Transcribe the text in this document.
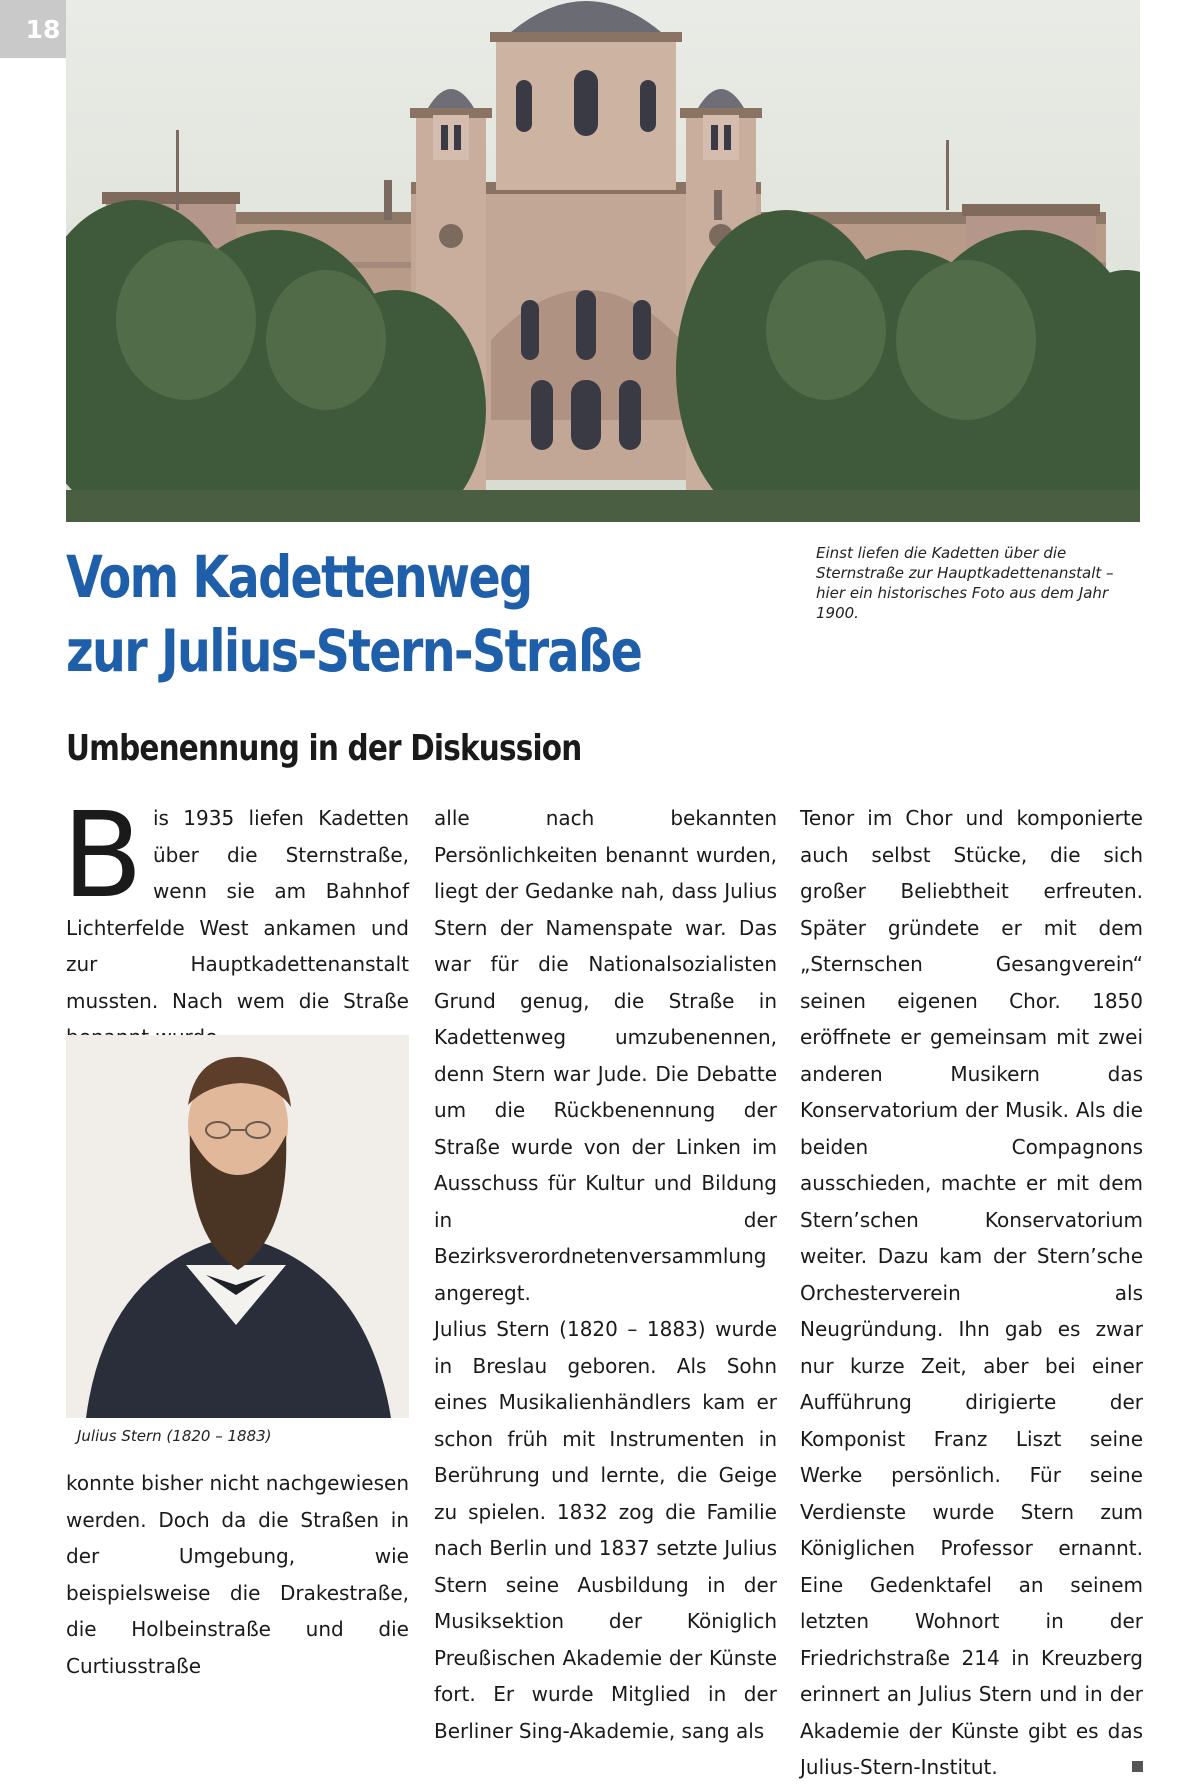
18
Vom Kadettenweg
zur Julius-Stern-Straße
Einst liefen die Kadetten über die Sternstraße zur Hauptkadettenanstalt – hier ein historisches Foto aus dem Jahr 1900.
Umbenennung in der Diskussion
B is 1935 liefen Kadetten über die Sternstraße, wenn sie am Bahnhof Lichterfelde West ankamen und zur Hauptkadettenanstalt mussten. Nach wem die Straße

Julius Stern (1820 – 1883)

konnte bisher nicht nachgewiesen werden. Doch da die Straßen in der Umgebung, wie beispielsweise die Drakestraße, die Holbeinstraße und die Curtiusstraße

alle nach bekannten Persönlichkeiten benannt wurden, liegt der Gedanke nah, dass Julius Stern der Namenspate war. Das war für die Nationalsozialisten Grund genug, die Straße in Kadettenweg umzubenennen, denn Stern war Jude. Die Debatte um die Rückbenennung der Straße wurde von der Linken im Ausschuss für Kultur und Bildung in der Bezirksverordnetenversammlung angeregt.

Julius Stern (1820 – 1883) wurde in Breslau geboren. Als Sohn eines Musikalienhändlers kam er schon früh mit Instrumenten in Berührung und lernte, die Geige zu spielen. 1832 zog die Familie nach Berlin und 1837 setzte Julius Stern seine Ausbildung in der Musiksektion der Königlich Preußischen Akademie der Künste fort. Er wurde Mitglied in der Berliner Sing-Akademie, sang als

Tenor im Chor und komponierte auch selbst Stücke, die sich großer Beliebtheit erfreuten. Später gründete er mit dem „Sternschen Gesangverein“ seinen eigenen Chor. 1850 eröffnete er gemeinsam mit zwei anderen Musikern das Konservatorium der Musik. Als die beiden Compagnons ausschieden, machte er mit dem Stern’schen Konservatorium weiter. Dazu kam der Stern’sche Orchesterverein als Neugründung. Ihn gab es zwar nur kurze Zeit, aber bei einer Aufführung dirigierte der Komponist Franz Liszt seine Werke persönlich. Für seine Verdienste wurde Stern zum Königlichen Professor ernannt. Eine Gedenktafel an seinem letzten Wohnort in der Friedrichstraße 214 in Kreuzberg erinnert an Julius Stern und in der Akademie der Künste gibt es das Julius-Stern-Institut.
